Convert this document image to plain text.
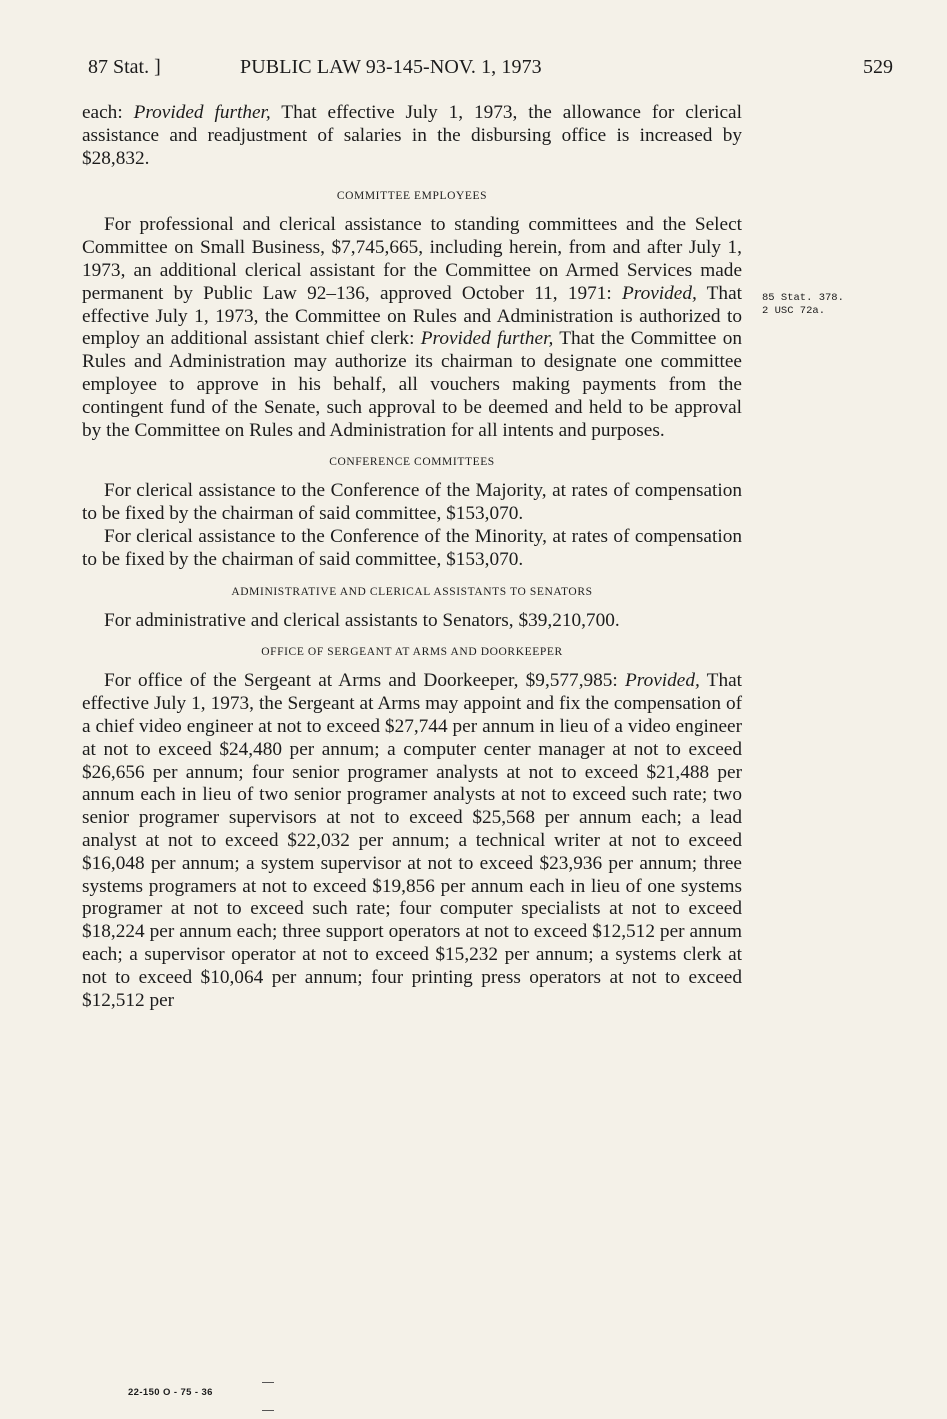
87 Stat. ]	PUBLIC LAW 93-145-NOV. 1, 1973	529

each: Provided further, That effective July 1, 1973, the allowance for clerical assistance and readjustment of salaries in the disbursing office is increased by $28,832.

COMMITTEE EMPLOYEES

For professional and clerical assistance to standing committees and the Select Committee on Small Business, $7,745,665, including herein, from and after July 1, 1973, an additional clerical assistant for the Committee on Armed Services made permanent by Public Law 92–136, approved October 11, 1971: Provided, That effective July 1, 1973, the Committee on Rules and Administration is authorized to employ an additional assistant chief clerk: Provided further, That the Committee on Rules and Administration may authorize its chairman to designate one committee employee to approve in his behalf, all vouchers making payments from the contingent fund of the Senate, such approval to be deemed and held to be approval by the Committee on Rules and Administration for all intents and purposes.

CONFERENCE COMMITTEES

For clerical assistance to the Conference of the Majority, at rates of compensation to be fixed by the chairman of said committee, $153,070.

For clerical assistance to the Conference of the Minority, at rates of compensation to be fixed by the chairman of said committee, $153,070.

ADMINISTRATIVE AND CLERICAL ASSISTANTS TO SENATORS

For administrative and clerical assistants to Senators, $39,210,700.

OFFICE OF SERGEANT AT ARMS AND DOORKEEPER

For office of the Sergeant at Arms and Doorkeeper, $9,577,985: Provided, That effective July 1, 1973, the Sergeant at Arms may appoint and fix the compensation of a chief video engineer at not to exceed $27,744 per annum in lieu of a video engineer at not to exceed $24,480 per annum; a computer center manager at not to exceed $26,656 per annum; four senior programer analysts at not to exceed $21,488 per annum each in lieu of two senior programer analysts at not to exceed such rate; two senior programer supervisors at not to exceed $25,568 per annum each; a lead analyst at not to exceed $22,032 per annum; a technical writer at not to exceed $16,048 per annum; a system supervisor at not to exceed $23,936 per annum; three systems programers at not to exceed $19,856 per annum each in lieu of one systems programer at not to exceed such rate; four computer specialists at not to exceed $18,224 per annum each; three support operators at not to exceed $12,512 per annum each; a supervisor operator at not to exceed $15,232 per annum; a systems clerk at not to exceed $10,064 per annum; four printing press operators at not to exceed $12,512 per

85 Stat. 378.
2 USC 72a.
22-150 O - 75 - 36
